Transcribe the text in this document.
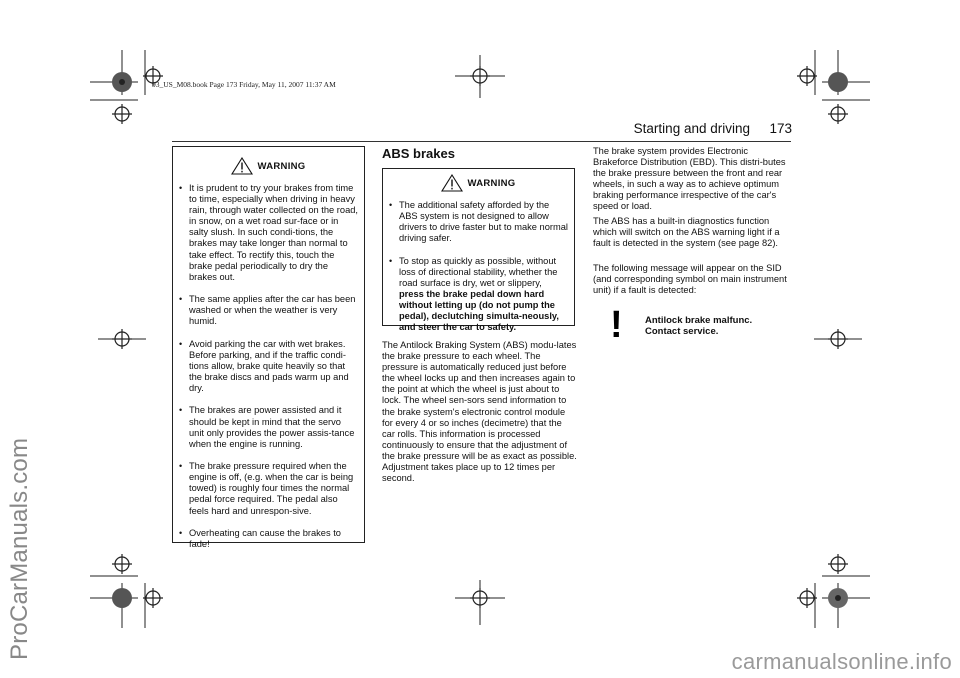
ProCarManuals.com
carmanualsonline.info
93_US_M08.book Page 173 Friday, May 11, 2007 11:37 AM
Starting and driving 173
WARNING
• It is prudent to try your brakes from time to time, especially when driving in heavy rain, through water collected on the road, in snow, on a wet road sur-face or in salty slush. In such condi-tions, the brakes may take longer than normal to take effect. To rectify this, touch the brake pedal periodically to dry the brakes out.
• The same applies after the car has been washed or when the weather is very humid.
• Avoid parking the car with wet brakes. Before parking, and if the traffic condi-tions allow, brake quite heavily so that the brake discs and pads warm up and dry.
• The brakes are power assisted and it should be kept in mind that the servo unit only provides the power assis-tance when the engine is running.
• The brake pressure required when the engine is off, (e.g. when the car is being towed) is roughly four times the normal pedal force required. The pedal also feels hard and unrespon-sive.
• Overheating can cause the brakes to fade!
ABS brakes
WARNING
• The additional safety afforded by the ABS system is not designed to allow drivers to drive faster but to make normal driving safer.
• To stop as quickly as possible, without loss of directional stability, whether the road surface is dry, wet or slippery, press the brake pedal down hard without letting up (do not pump the pedal), declutching simulta-neously, and steer the car to safety.
The Antilock Braking System (ABS) modu-lates the brake pressure to each wheel. The pressure is automatically reduced just before the wheel locks up and then increases again to the point at which the wheel is just about to lock. The wheel sen-sors send information to the brake system's electronic control module for every 4 or so inches (decimetre) that the car rolls. This information is processed continuously to ensure that the adjustment of the brake pressure will be as exact as possible. Adjustment takes place up to 12 times per second.
The brake system provides Electronic Brakeforce Distribution (EBD). This distri-butes the brake pressure between the front and rear wheels, in such a way as to achieve optimum braking performance irrespective of the car's speed or load.
The ABS has a built-in diagnostics function which will switch on the ABS warning light if a fault is detected in the system (see page 82).
The following message will appear on the SID (and corresponding symbol on main instrument unit) if a fault is detected:
! Antilock brake malfunc.
Contact service.
